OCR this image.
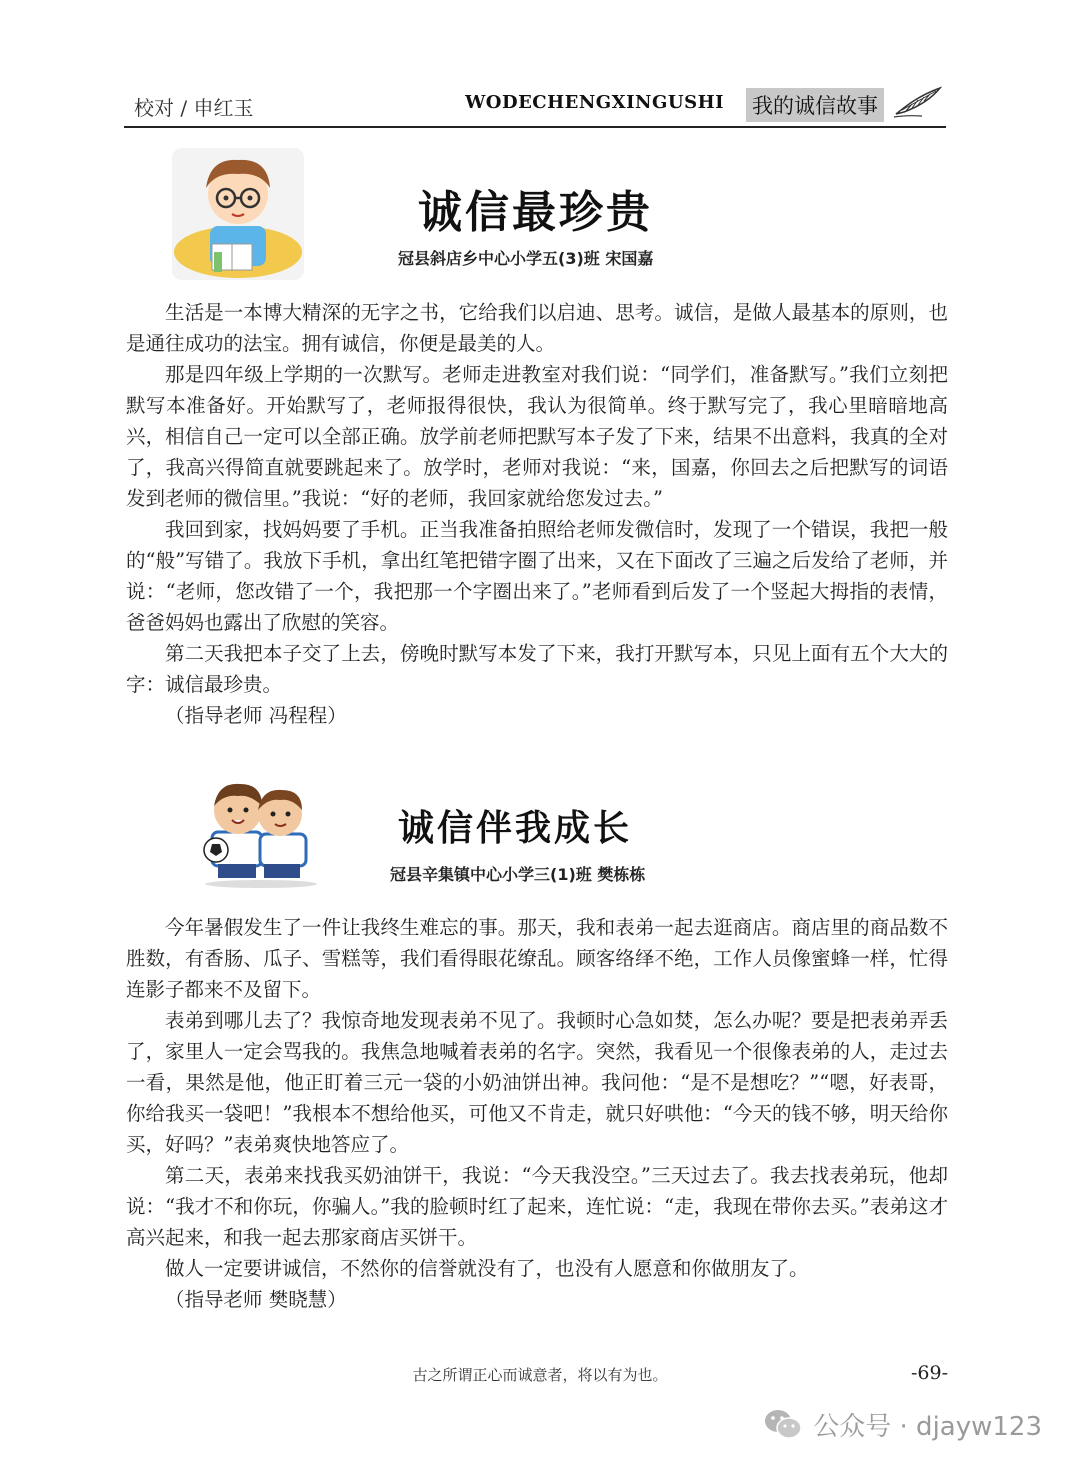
校对 / 申红玉	WODECHENGXINGUSHI 我的诚信故事
诚信最珍贵
冠县斜店乡中心小学五(3)班 宋国嘉

生活是一本博大精深的无字之书，它给我们以启迪、思考。诚信，是做人最基本的原则，也是通往成功的法宝。拥有诚信，你便是最美的人。

那是四年级上学期的一次默写。老师走进教室对我们说：“同学们，准备默写。”我们立刻把默写本准备好。开始默写了，老师报得很快，我认为很简单。终于默写完了，我心里暗暗地高兴，相信自己一定可以全部正确。放学前老师把默写本子发了下来，结果不出意料，我真的全对了，我高兴得简直就要跳起来了。放学时，老师对我说：“来，国嘉，你回去之后把默写的词语发到老师的微信里。”我说：“好的老师，我回家就给您发过去。”

我回到家，找妈妈要了手机。正当我准备拍照给老师发微信时，发现了一个错误，我把一般的“般”写错了。我放下手机，拿出红笔把错字圈了出来，又在下面改了三遍之后发给了老师，并说：“老师，您改错了一个，我把那一个字圈出来了。”老师看到后发了一个竖起大拇指的表情，爸爸妈妈也露出了欣慰的笑容。

第二天我把本子交了上去，傍晚时默写本发了下来，我打开默写本，只见上面有五个大大的字：诚信最珍贵。

（指导老师 冯程程）

诚信伴我成长
冠县辛集镇中心小学三(1)班 樊栋栋

今年暑假发生了一件让我终生难忘的事。那天，我和表弟一起去逛商店。商店里的商品数不胜数，有香肠、瓜子、雪糕等，我们看得眼花缭乱。顾客络绎不绝，工作人员像蜜蜂一样，忙得连影子都来不及留下。

表弟到哪儿去了？我惊奇地发现表弟不见了。我顿时心急如焚，怎么办呢？要是把表弟弄丢了，家里人一定会骂我的。我焦急地喊着表弟的名字。突然，我看见一个很像表弟的人，走过去一看，果然是他，他正盯着三元一袋的小奶油饼出神。我问他：“是不是想吃？”“嗯，好表哥，你给我买一袋吧！”我根本不想给他买，可他又不肯走，就只好哄他：“今天的钱不够，明天给你买，好吗？”表弟爽快地答应了。

第二天，表弟来找我买奶油饼干，我说：“今天我没空。”三天过去了。我去找表弟玩，他却说：“我才不和你玩，你骗人。”我的脸顿时红了起来，连忙说：“走，我现在带你去买。”表弟这才高兴起来，和我一起去那家商店买饼干。

做人一定要讲诚信，不然你的信誉就没有了，也没有人愿意和你做朋友了。

（指导老师 樊晓慧）

古之所谓正心而诚意者，将以有为也。	-69-
公众号 · djayw123
